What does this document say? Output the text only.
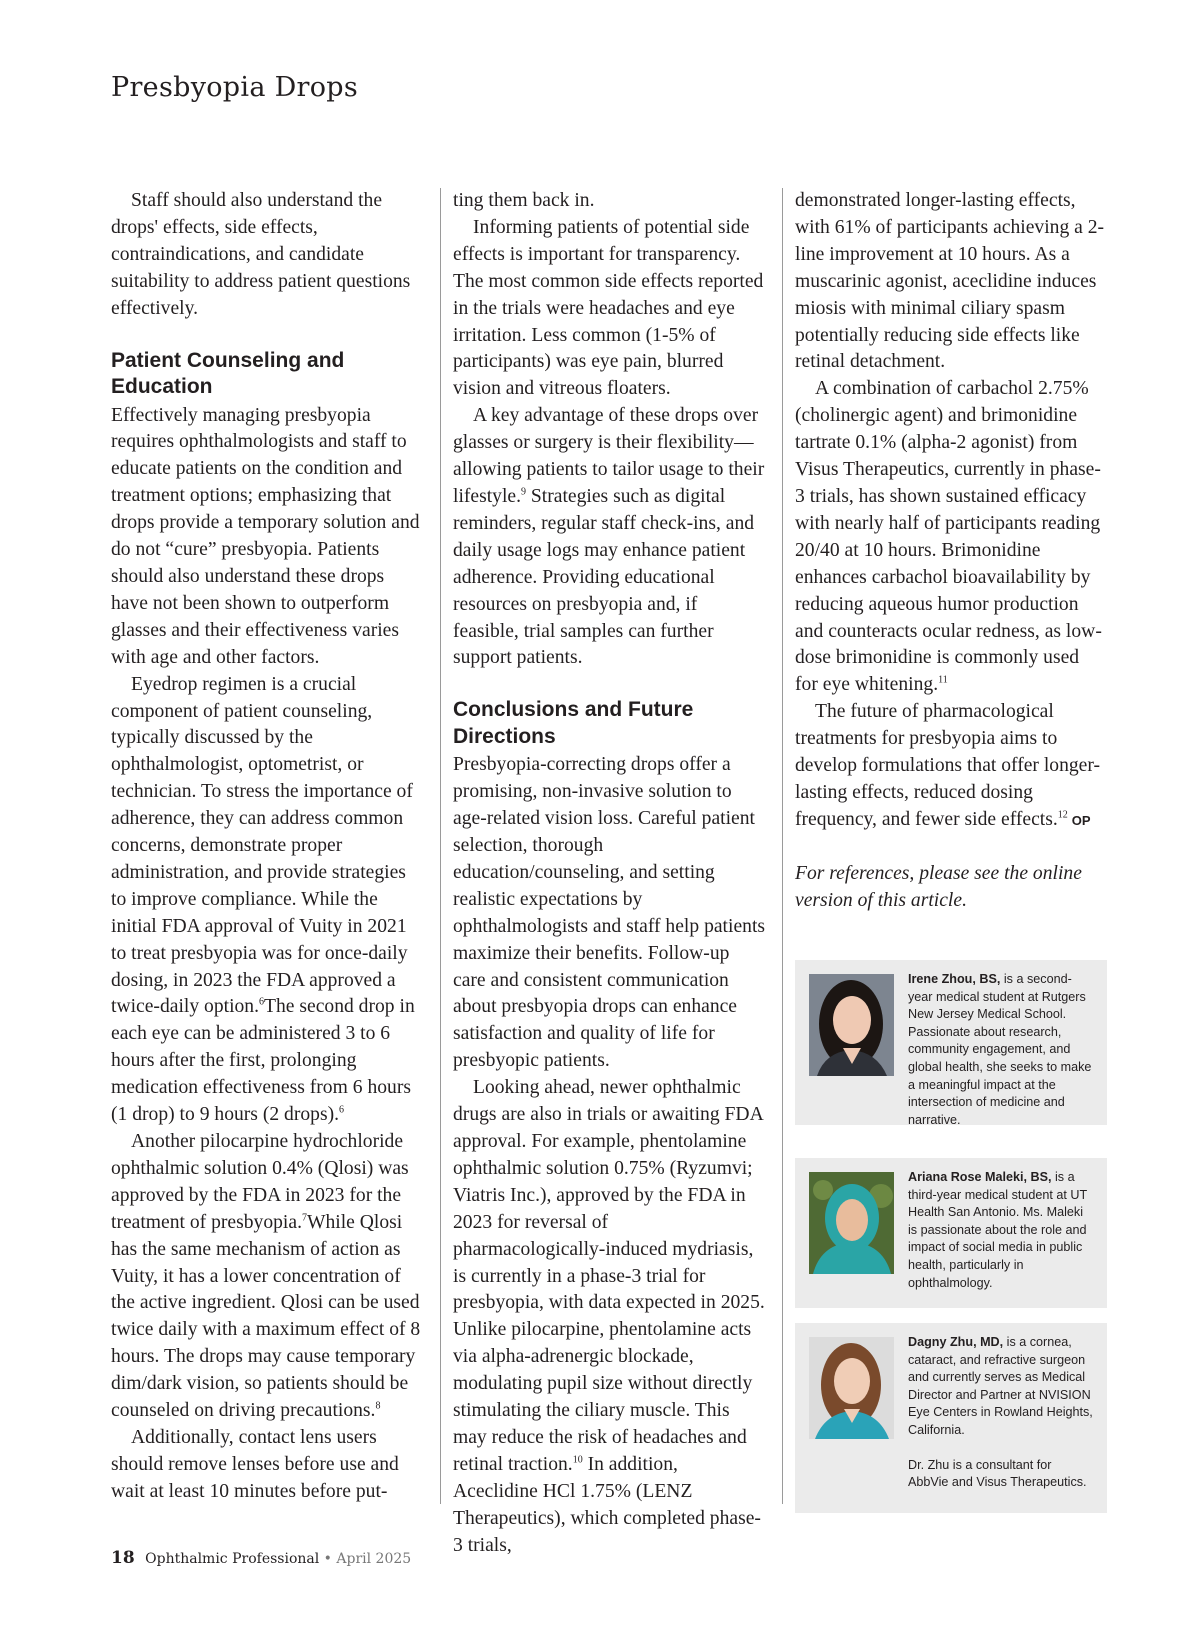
Presbyopia Drops

Staff should also understand the drops' effects, side effects, contraindications, and candidate suitability to address patient questions effectively.

Patient Counseling and Education

Effectively managing presbyopia requires ophthalmologists and staff to educate patients on the condition and treatment options; emphasizing that drops provide a temporary solution and do not “cure” presbyopia. Patients should also understand these drops have not been shown to outperform glasses and their effectiveness varies with age and other factors.

Eyedrop regimen is a crucial component of patient counseling, typically discussed by the ophthalmologist, optometrist, or technician. To stress the importance of adherence, they can address common concerns, demonstrate proper administration, and provide strategies to improve compliance. While the initial FDA approval of Vuity in 2021 to treat presbyopia was for once-daily dosing, in 2023 the FDA approved a twice-daily option.$^6$The second drop in each eye can be administered 3 to 6 hours after the first, prolonging medication effectiveness from 6 hours (1 drop) to 9 hours (2 drops).$^6$

Another pilocarpine hydrochloride ophthalmic solution 0.4% (Qlosi) was approved by the FDA in 2023 for the treatment of presbyopia.$^7$While Qlosi has the same mechanism of action as Vuity, it has a lower concentration of the active ingredient. Qlosi can be used twice daily with a maximum effect of 8 hours. The drops may cause temporary dim/dark vision, so patients should be counseled on driving precautions.$^8$

Additionally, contact lens users should remove lenses before use and wait at least 10 minutes before put-

ting them back in.

Informing patients of potential side effects is important for transparency. The most common side effects reported in the trials were headaches and eye irritation. Less common (1-5% of participants) was eye pain, blurred vision and vitreous floaters.

A key advantage of these drops over glasses or surgery is their flexibility—allowing patients to tailor usage to their lifestyle.$^9$ Strategies such as digital reminders, regular staff check-ins, and daily usage logs may enhance patient adherence. Providing educational resources on presbyopia and, if feasible, trial samples can further support patients.

Conclusions and Future Directions

Presbyopia-correcting drops offer a promising, non-invasive solution to age-related vision loss. Careful patient selection, thorough education/counseling, and setting realistic expectations by ophthalmologists and staff help patients maximize their benefits. Follow-up care and consistent communication about presbyopia drops can enhance satisfaction and quality of life for presbyopic patients.

Looking ahead, newer ophthalmic drugs are also in trials or awaiting FDA approval. For example, phentolamine ophthalmic solution 0.75% (Ryzumvi; Viatris Inc.), approved by the FDA in 2023 for reversal of pharmacologically-induced mydriasis, is currently in a phase-3 trial for presbyopia, with data expected in 2025. Unlike pilocarpine, phentolamine acts via alpha-adrenergic blockade, modulating pupil size without directly stimulating the ciliary muscle. This may reduce the risk of headaches and retinal traction.$^{10}$ In addition, Aceclidine HCl 1.75% (LENZ Therapeutics), which completed phase-3 trials,

demonstrated longer-lasting effects, with 61% of participants achieving a 2-line improvement at 10 hours. As a muscarinic agonist, aceclidine induces miosis with minimal ciliary spasm potentially reducing side effects like retinal detachment.

A combination of carbachol 2.75% (cholinergic agent) and brimonidine tartrate 0.1% (alpha-2 agonist) from Visus Therapeutics, currently in phase-3 trials, has shown sustained efficacy with nearly half of participants reading 20/40 at 10 hours. Brimonidine enhances carbachol bioavailability by reducing aqueous humor production and counteracts ocular redness, as low-dose brimonidine is commonly used for eye whitening.$^{11}$

The future of pharmacological treatments for presbyopia aims to develop formulations that offer longer-lasting effects, reduced dosing frequency, and fewer side effects.$^{12}$ OP

For references, please see the online version of this article.

Irene Zhou, BS, is a second-year medical student at Rutgers New Jersey Medical School. Passionate about research, community engagement, and global health, she seeks to make a meaningful impact at the intersection of medicine and narrative.

Ariana Rose Maleki, BS, is a third-year medical student at UT Health San Antonio. Ms. Maleki is passionate about the role and impact of social media in public health, particularly in ophthalmology.

Dagny Zhu, MD, is a cornea, cataract, and refractive surgeon and currently serves as Medical Director and Partner at NVISION Eye Centers in Rowland Heights, California.

Dr. Zhu is a consultant for AbbVie and Visus Therapeutics.

18 Ophthalmic Professional • April 2025
